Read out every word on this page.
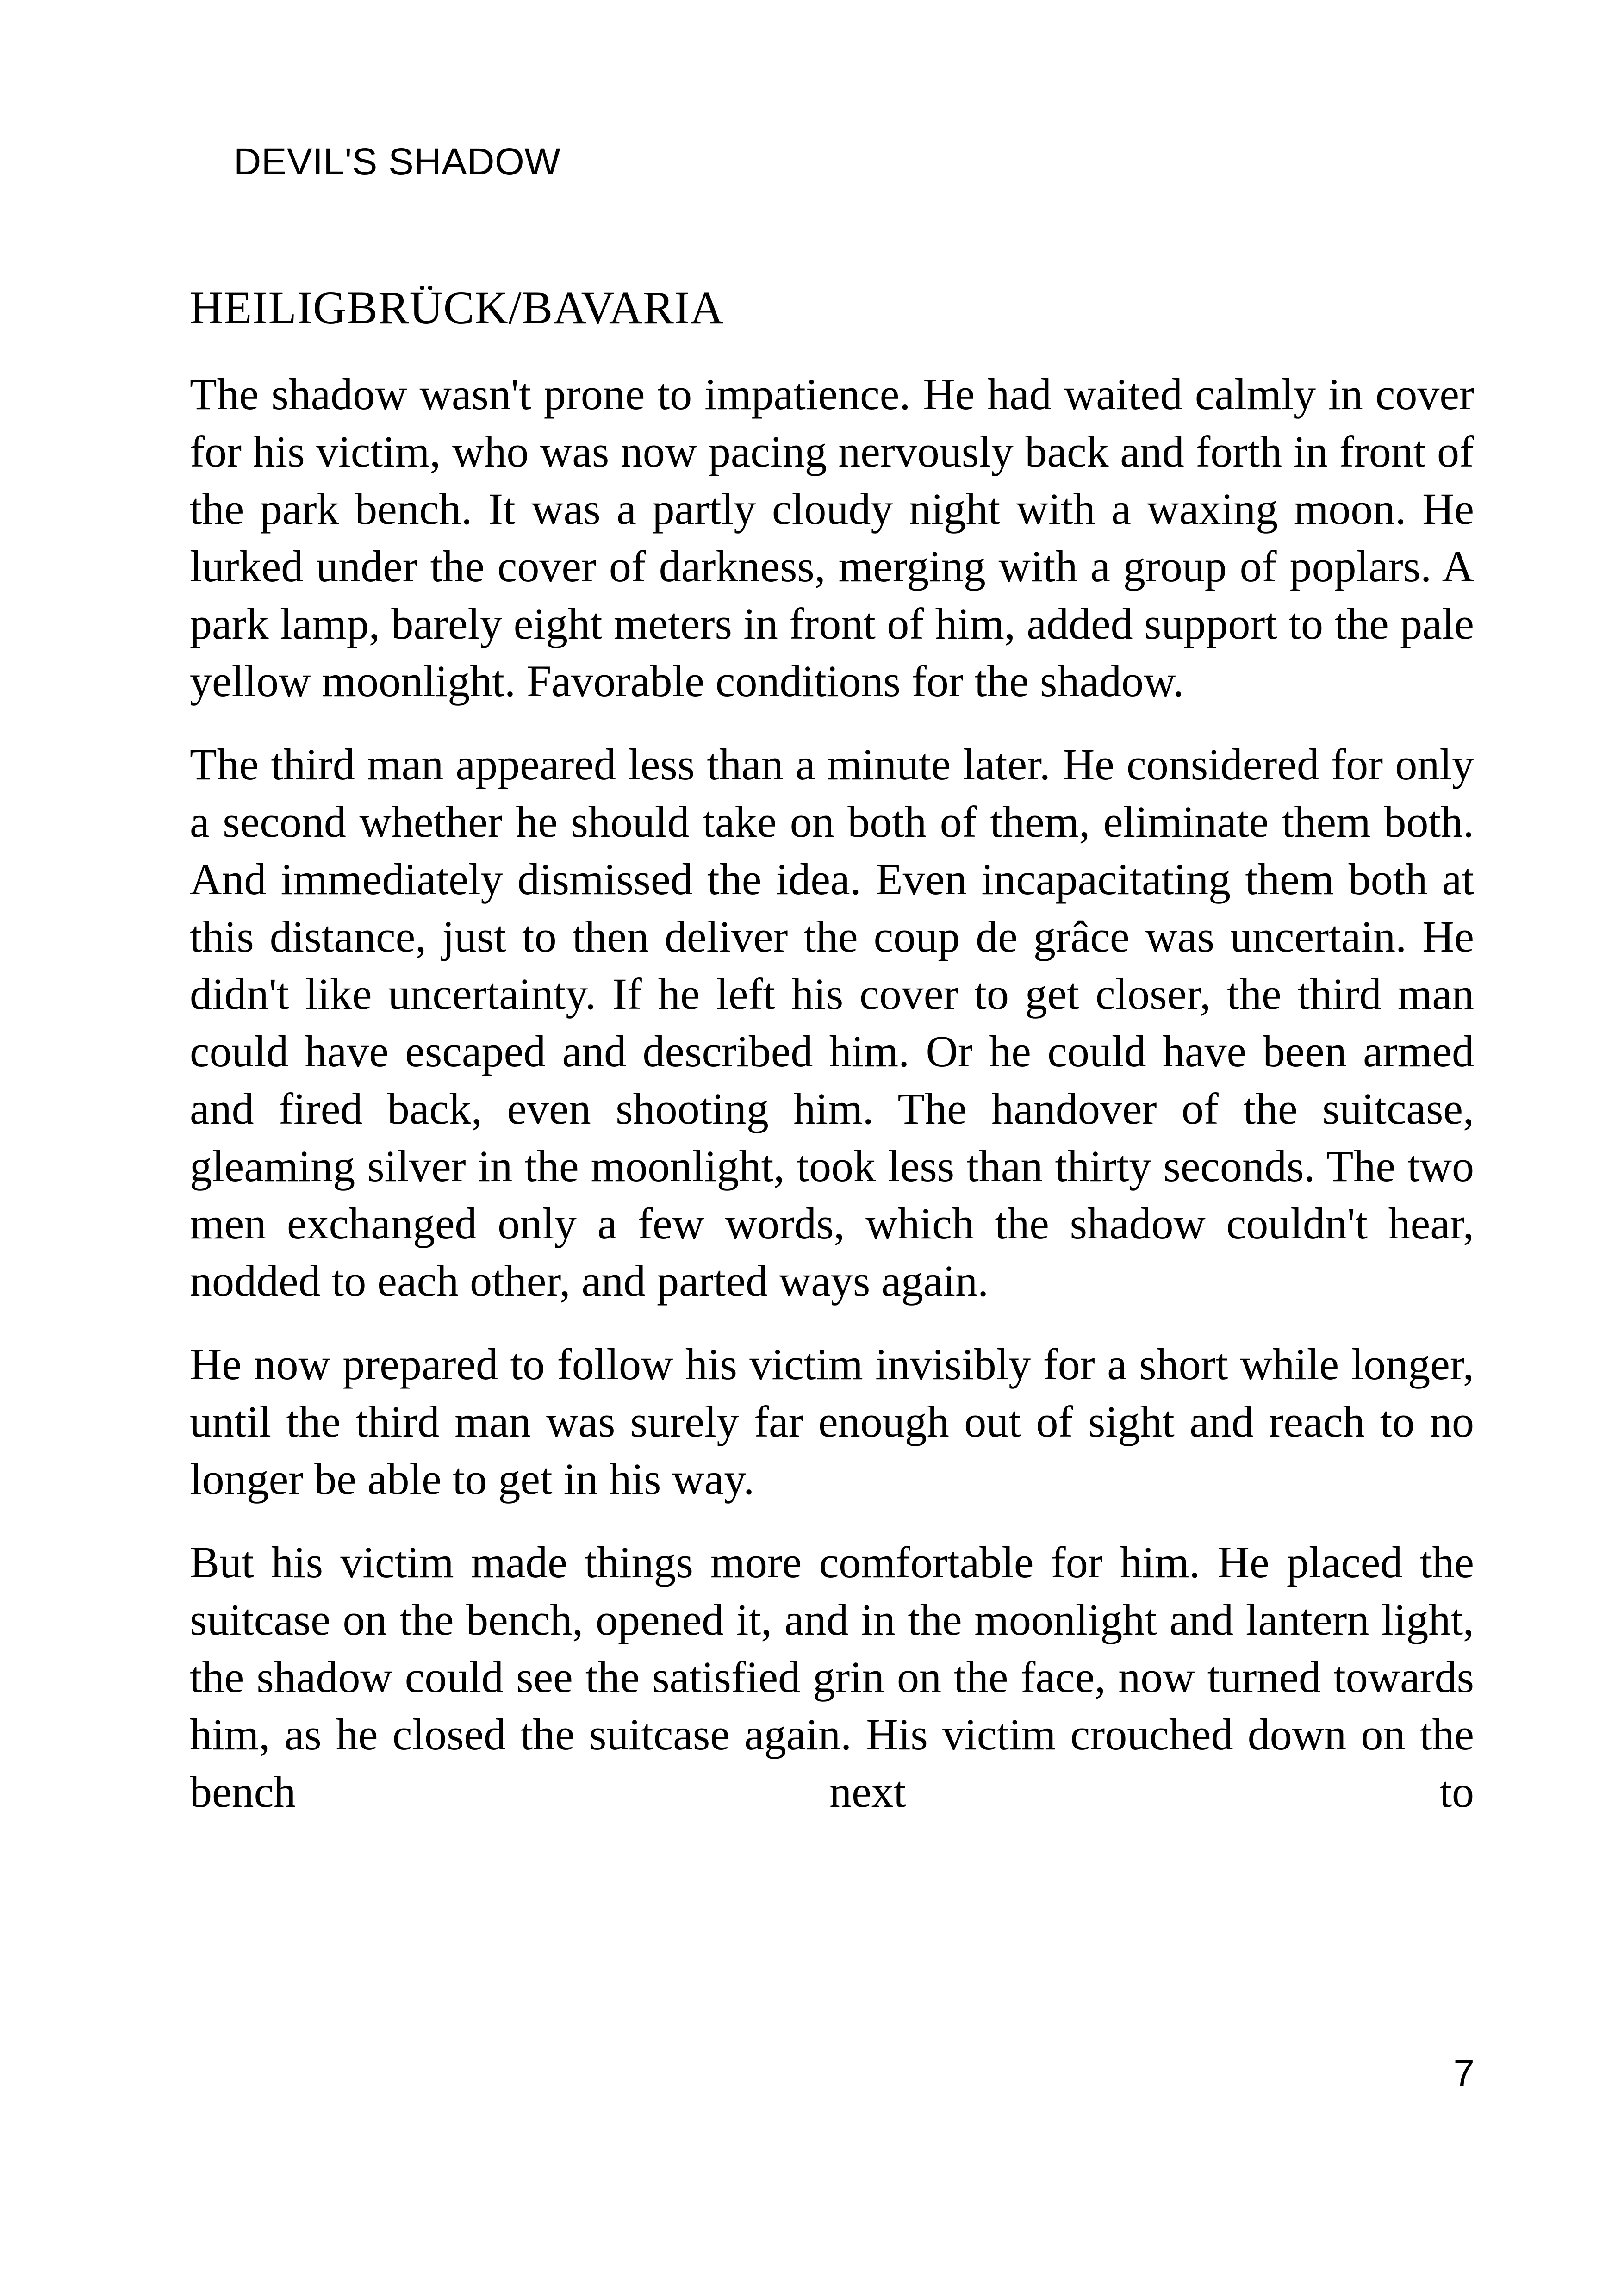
DEVIL'S SHADOW
HEILIGBRÜCK/BAVARIA

The shadow wasn't prone to impatience. He had waited calmly in cover for his victim, who was now pacing nervously back and forth in front of the park bench. It was a partly cloudy night with a waxing moon. He lurked under the cover of darkness, merging with a group of poplars. A park lamp, barely eight meters in front of him, added support to the pale yellow moonlight. Favorable conditions for the shadow.

The third man appeared less than a minute later. He considered for only a second whether he should take on both of them, eliminate them both. And immediately dismissed the idea. Even incapacitating them both at this distance, just to then deliver the coup de grâce was uncertain. He didn't like uncertainty. If he left his cover to get closer, the third man could have escaped and described him. Or he could have been armed and fired back, even shooting him. The handover of the suitcase, gleaming silver in the moonlight, took less than thirty seconds. The two men exchanged only a few words, which the shadow couldn't hear, nodded to each other, and parted ways again.

He now prepared to follow his victim invisibly for a short while longer, until the third man was surely far enough out of sight and reach to no longer be able to get in his way.

But his victim made things more comfortable for him. He placed the suitcase on the bench, opened it, and in the moonlight and lantern light, the shadow could see the satisfied grin on the face, now turned towards him, as he closed the suitcase again. His victim crouched down on the bench next to

7
